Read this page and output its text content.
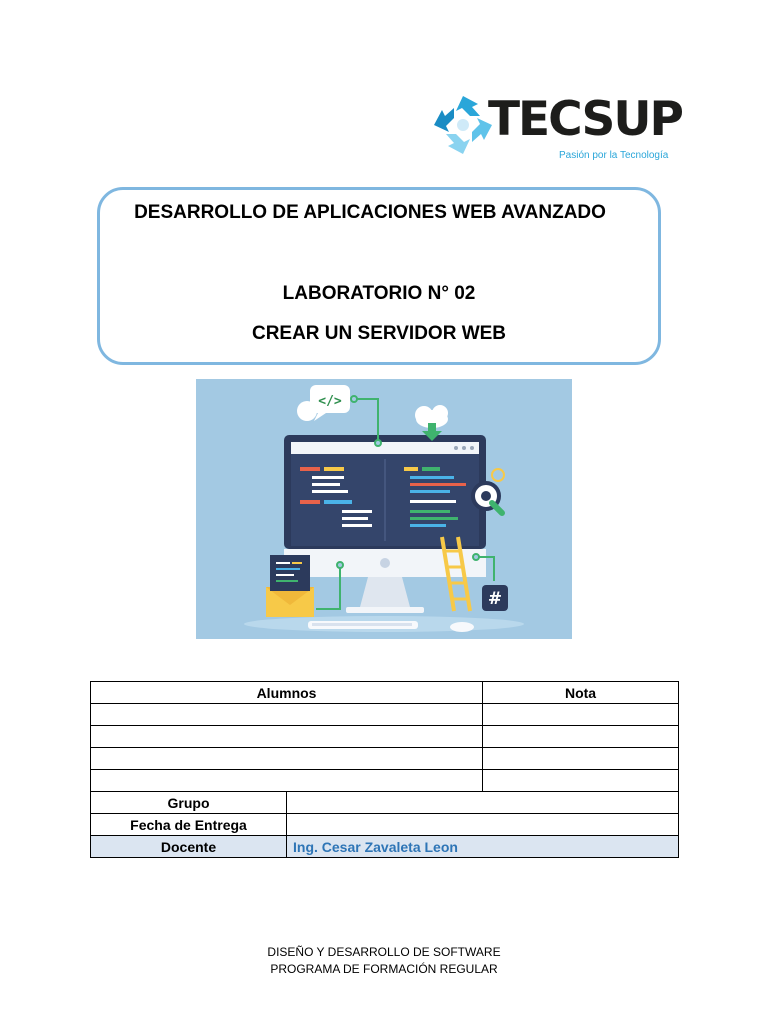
TECSUP
Pasión por la Tecnología
DESARROLLO DE APLICACIONES WEB AVANZADO
LABORATORIO N° 02
CREAR UN SERVIDOR WEB
</>
#
Alumnos		Nota

Grupo		
Fecha de Entrega		
Docente	Ing. Cesar Zavaleta Leon	
DISEÑO Y DESARROLLO DE SOFTWARE
PROGRAMA DE FORMACIÓN REGULAR
